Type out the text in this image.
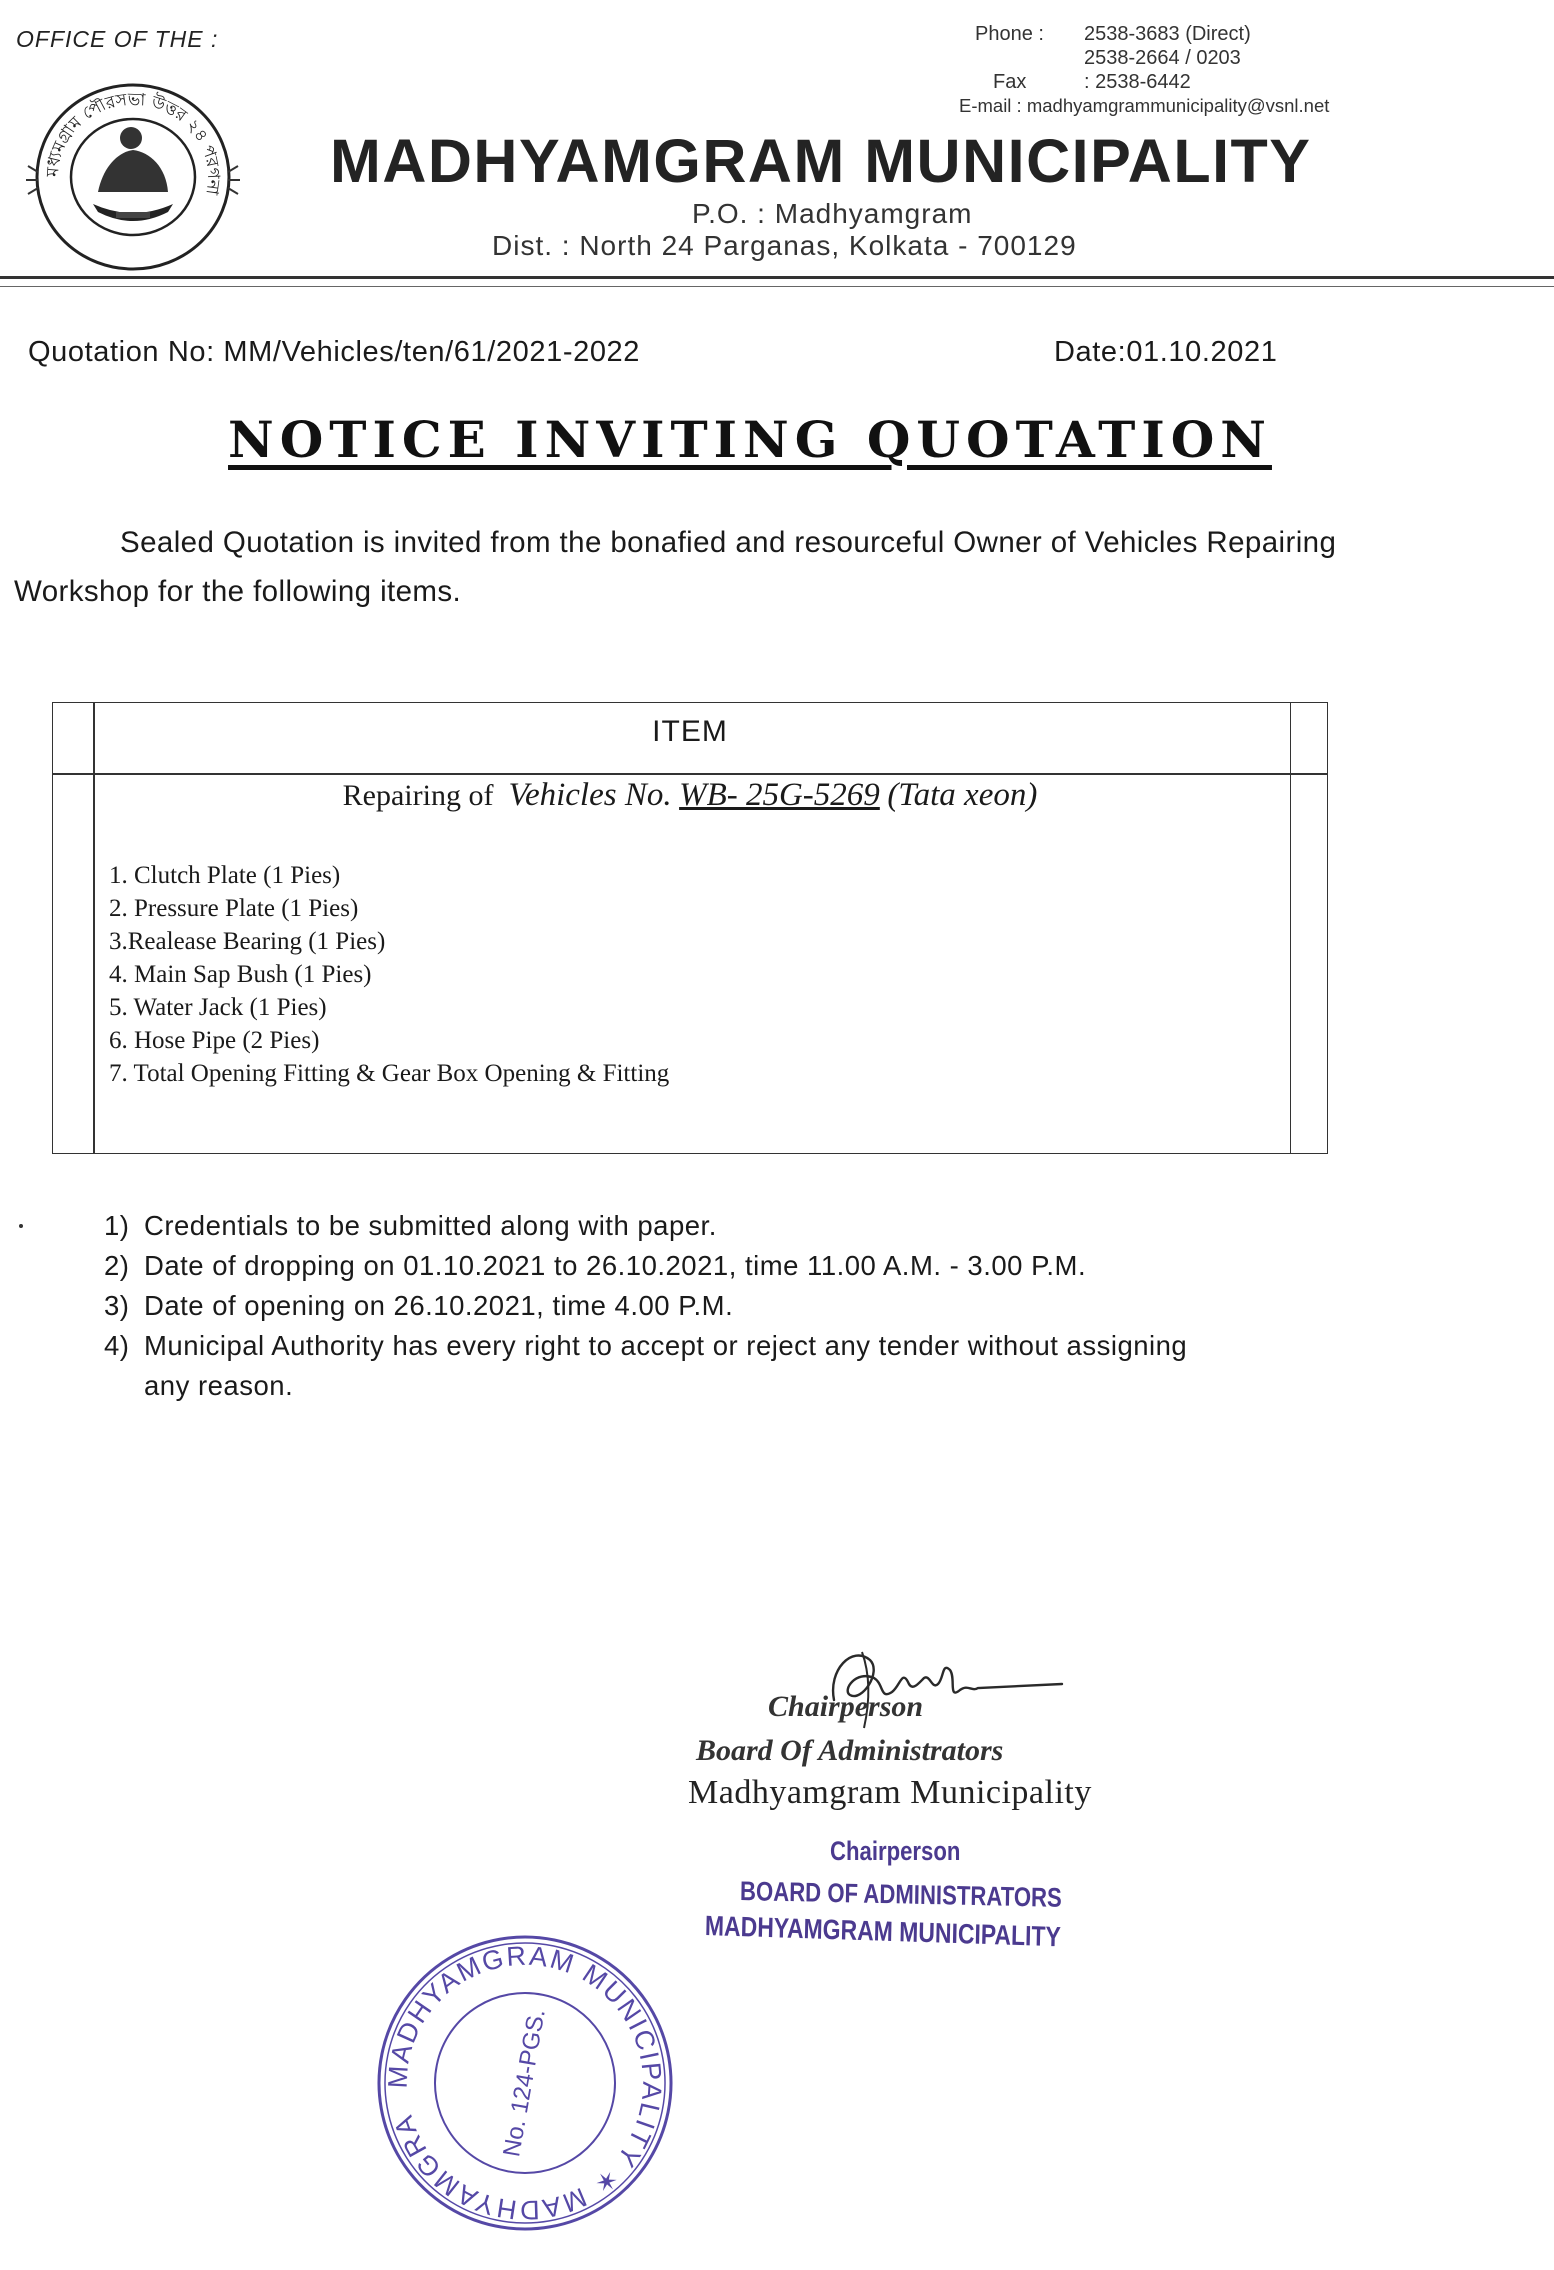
OFFICE OF THE :	Phone :	2538-3683 (Direct)
2538-2664 / 0203
Fax	: 2538-6442
E-mail : madhyamgrammunicipality@vsnl.net
মধ্যমগ্রাম পৌরসভা উত্তর ২৪ পরগনা MADHYAMGRAM MUNICIPALITY
P.O. : Madhyamgram
Dist. : North 24 Parganas, Kolkata - 700129
Quotation No: MM/Vehicles/ten/61/2021-2022	Date:01.10.2021
NOTICE INVITING QUOTATION
Sealed Quotation is invited from the bonafied and resourceful Owner of Vehicles Repairing Workshop for the following items.
ITEM
Repairing of Vehicles No. WB- 25G-5269 (Tata xeon)
1. Clutch Plate (1 Pies)
2. Pressure Plate (1 Pies)
3.Realease Bearing (1 Pies)
4. Main Sap Bush (1 Pies)
5. Water Jack (1 Pies)
6. Hose Pipe (2 Pies)
7. Total Opening Fitting & Gear Box Opening & Fitting
1) Credentials to be submitted along with paper.
2) Date of dropping on 01.10.2021 to 26.10.2021, time 11.00 A.M. - 3.00 P.M.
3) Date of opening on 26.10.2021, time 4.00 P.M.
4) Municipal Authority has every right to accept or reject any tender without assigning any reason.
Chairperson
Board Of Administrators
Madhyamgram Municipality
Chairperson
BOARD OF ADMINISTRATORS
MADHYAMGRAM MUNICIPALITY
MADHYAMGRAM MUNICIPALITY ✶ MADHYAMGRAM
No. 124-PGS.
